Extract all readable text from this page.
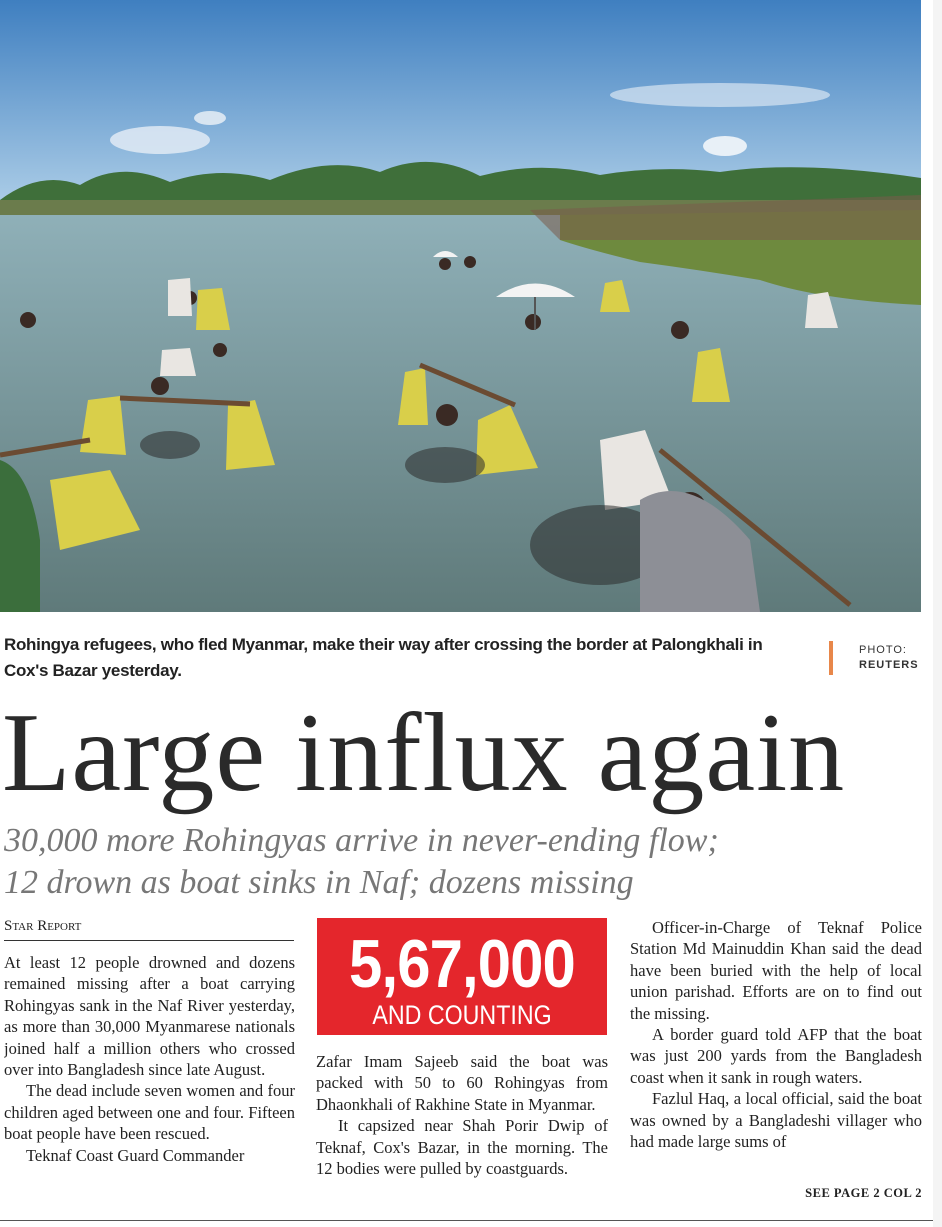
Rohingya refugees, who fled Myanmar, make their way after crossing the border at Palongkhali in Cox's Bazar yesterday.
PHOTO:
REUTERS
Large influx again
30,000 more Rohingyas arrive in never-ending flow;
12 drown as boat sinks in Naf; dozens missing
Star Report

At least 12 people drowned and dozens remained missing after a boat carrying Rohingyas sank in the Naf River yesterday, as more than 30,000 Myanmarese nationals joined half a million others who crossed over into Bangladesh since late August.

The dead include seven women and four children aged between one and four. Fifteen boat people have been rescued.

Teknaf Coast Guard Commander

5,67,000
AND COUNTING

Zafar Imam Sajeeb said the boat was packed with 50 to 60 Rohingyas from Dhaonkhali of Rakhine State in Myanmar.

It capsized near Shah Porir Dwip of Teknaf, Cox's Bazar, in the morning. The 12 bodies were pulled by coastguards.

Officer-in-Charge of Teknaf Police Station Md Mainuddin Khan said the dead have been buried with the help of local union parishad. Efforts are on to find out the missing.

A border guard told AFP that the boat was just 200 yards from the Bangladesh coast when it sank in rough waters.

Fazlul Haq, a local official, said the boat was owned by a Bangladeshi villager who had made large sums of

SEE PAGE 2 COL 2
